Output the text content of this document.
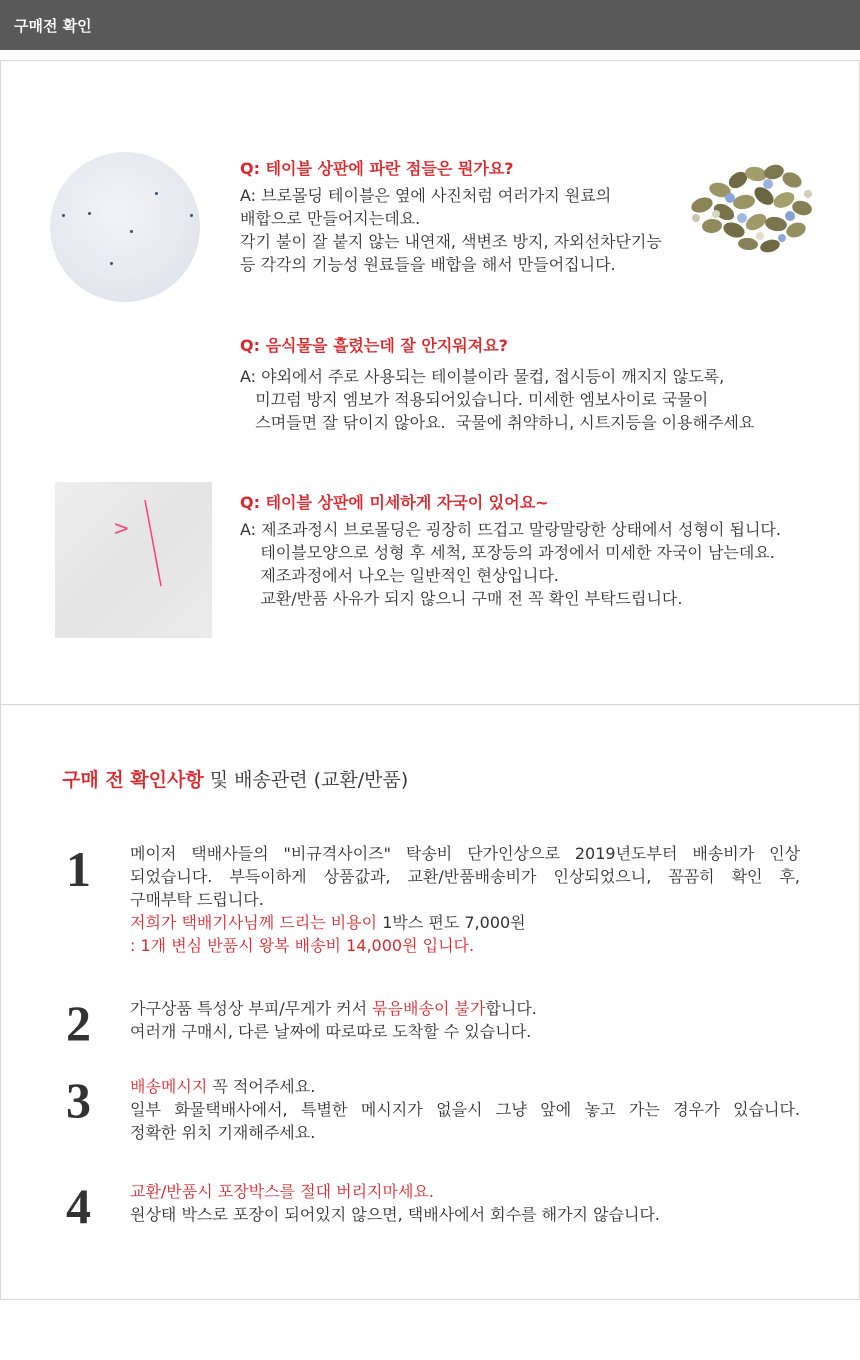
구매전 확인
Q: 테이블 상판에 파란 점들은 뭔가요?
A: 브로몰딩 테이블은 옆에 사진처럼 여러가지 원료의
배합으로 만들어지는데요.
각기 불이 잘 붙지 않는 내연재, 색변조 방지, 자외선차단기능
등 각각의 기능성 원료들을 배합을 해서 만들어집니다.
Q: 음식물을 흘렸는데 잘 안지워져요?
A: 야외에서 주로 사용되는 테이블이라 물컵, 접시등이 깨지지 않도록,
미끄럼 방지 엠보가 적용되어있습니다. 미세한 엠보사이로 국물이
스며들면 잘 닦이지 않아요.  국물에 취약하니, 시트지등을 이용해주세요
>
Q: 테이블 상판에 미세하게 자국이 있어요~
A: 제조과정시 브로몰딩은 굉장히 뜨겁고 말랑말랑한 상태에서 성형이 됩니다.
테이블모양으로 성형 후 세척, 포장등의 과정에서 미세한 자국이 남는데요.
제조과정에서 나오는 일반적인 현상입니다.
교환/반품 사유가 되지 않으니 구매 전 꼭 확인 부탁드립니다.
구매 전 확인사항 및 배송관련 (교환/반품)
1 메이저 택배사들의 "비규격사이즈" 탁송비 단가인상으로 2019년도부터 배송비가 인상
되었습니다. 부득이하게 상품값과, 교환/반품배송비가 인상되었으니, 꼼꼼히 확인 후,
구매부탁 드립니다.
저희가 택배기사님께 드리는 비용이 1박스 편도 7,000원
: 1개 변심 반품시 왕복 배송비 14,000원 입니다.
2 가구상품 특성상 부피/무게가 커서 묶음배송이 불가합니다.
여러개 구매시, 다른 날짜에 따로따로 도착할 수 있습니다.
3 배송메시지 꼭 적어주세요.
일부 화물택배사에서, 특별한 메시지가 없을시 그냥 앞에 놓고 가는 경우가 있습니다.
정확한 위치 기재해주세요.
4 교환/반품시 포장박스를 절대 버리지마세요.
원상태 박스로 포장이 되어있지 않으면, 택배사에서 회수를 해가지 않습니다.
